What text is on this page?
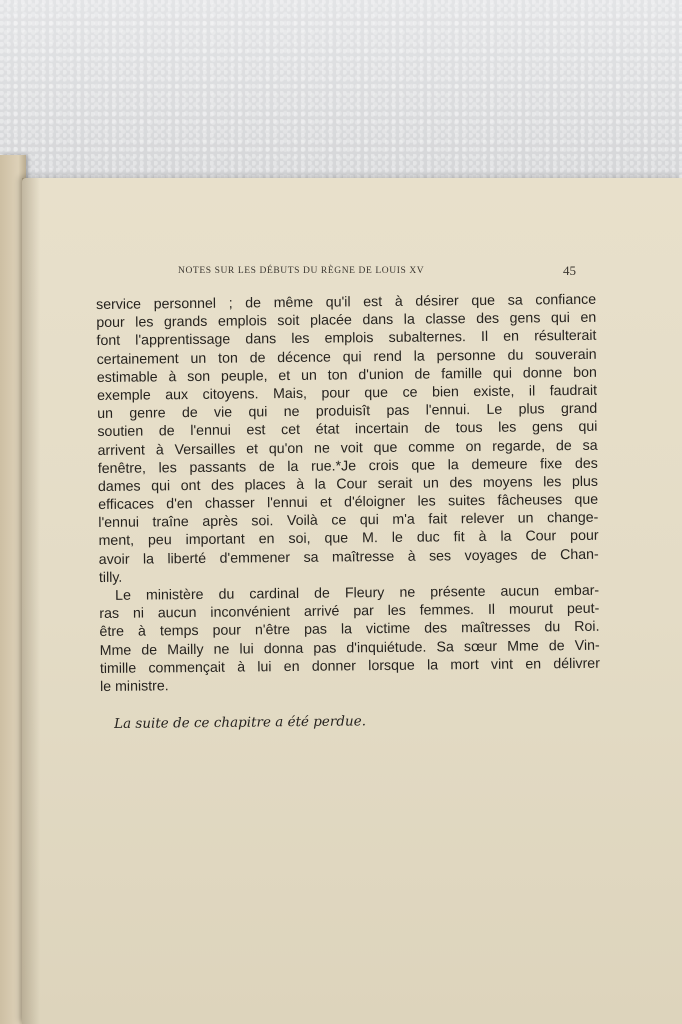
NOTES SUR LES DÉBUTS DU RÈGNE DE LOUIS XV	45
service personnel ; de même qu'il est à désirer que sa confiance
pour les grands emplois soit placée dans la classe des gens qui en
font l'apprentissage dans les emplois subalternes. Il en résulterait
certainement un ton de décence qui rend la personne du souverain
estimable à son peuple, et un ton d'union de famille qui donne bon
exemple aux citoyens. Mais, pour que ce bien existe, il faudrait
un genre de vie qui ne produisît pas l'ennui. Le plus grand
soutien de l'ennui est cet état incertain de tous les gens qui
arrivent à Versailles et qu'on ne voit que comme on regarde, de sa
fenêtre, les passants de la rue.*Je crois que la demeure fixe des
dames qui ont des places à la Cour serait un des moyens les plus
efficaces d'en chasser l'ennui et d'éloigner les suites fâcheuses que
l'ennui traîne après soi. Voilà ce qui m'a fait relever un change-
ment, peu important en soi, que M. le duc fit à la Cour pour
avoir la liberté d'emmener sa maîtresse à ses voyages de Chan-
tilly.
Le ministère du cardinal de Fleury ne présente aucun embar-
ras ni aucun inconvénient arrivé par les femmes. Il mourut peut-
être à temps pour n'être pas la victime des maîtresses du Roi.
Mme de Mailly ne lui donna pas d'inquiétude. Sa sœur Mme de Vin-
timille commençait à lui en donner lorsque la mort vint en délivrer
le ministre.
La suite de ce chapitre a été perdue.
